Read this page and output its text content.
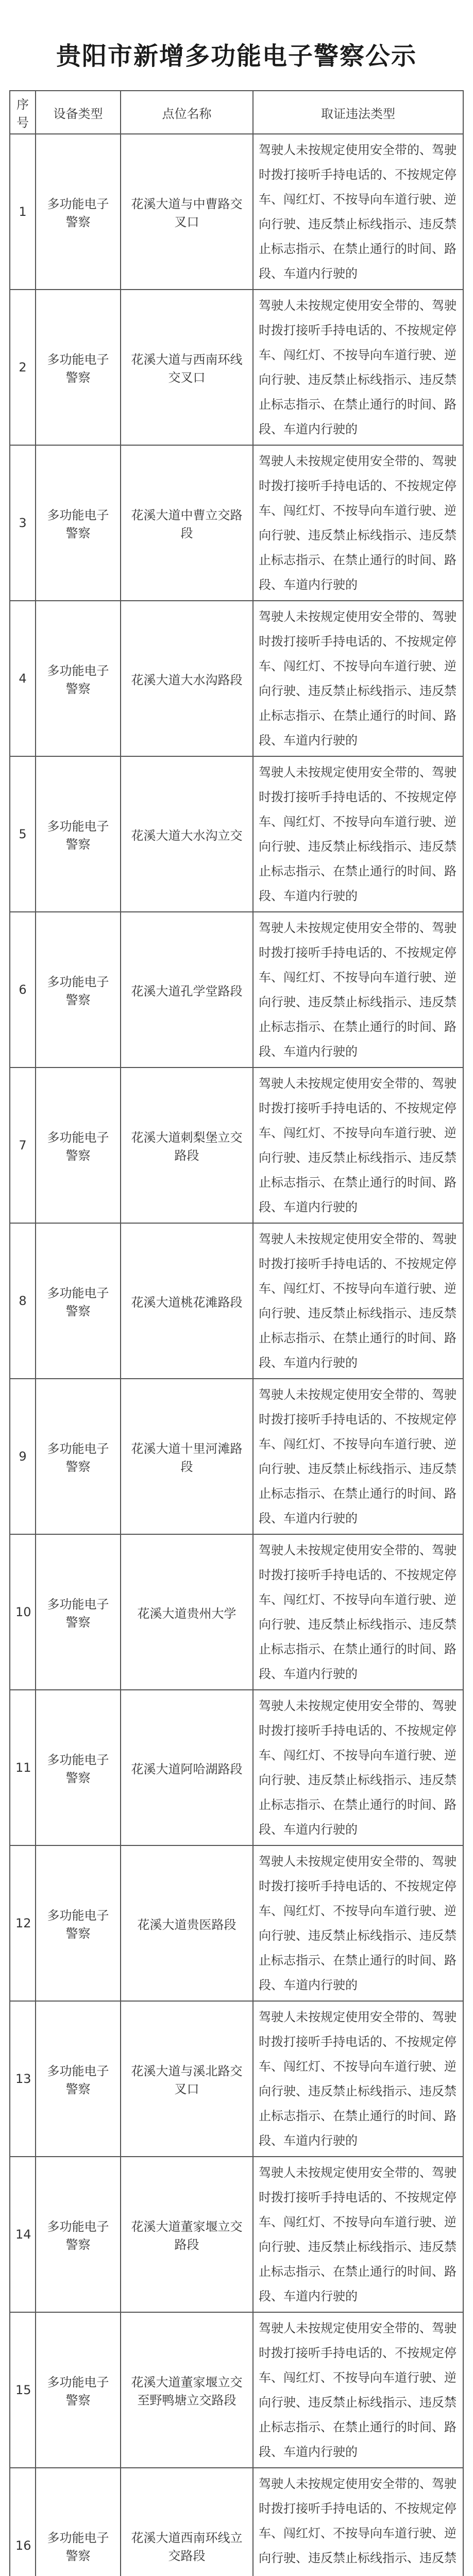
贵阳市新增多功能电子警察公示
序号	设备类型	点位名称	取证违法类型
1	多功能电子警察	花溪大道与中曹路交叉口	驾驶人未按规定使用安全带的、驾驶时拨打接听手持电话的、不按规定停车、闯红灯、不按导向车道行驶、逆向行驶、违反禁止标线指示、违反禁止标志指示、在禁止通行的时间、路段、车道内行驶的
2	多功能电子警察	花溪大道与西南环线交叉口	驾驶人未按规定使用安全带的、驾驶时拨打接听手持电话的、不按规定停车、闯红灯、不按导向车道行驶、逆向行驶、违反禁止标线指示、违反禁止标志指示、在禁止通行的时间、路段、车道内行驶的
3	多功能电子警察	花溪大道中曹立交路段	驾驶人未按规定使用安全带的、驾驶时拨打接听手持电话的、不按规定停车、闯红灯、不按导向车道行驶、逆向行驶、违反禁止标线指示、违反禁止标志指示、在禁止通行的时间、路段、车道内行驶的
4	多功能电子警察	花溪大道大水沟路段	驾驶人未按规定使用安全带的、驾驶时拨打接听手持电话的、不按规定停车、闯红灯、不按导向车道行驶、逆向行驶、违反禁止标线指示、违反禁止标志指示、在禁止通行的时间、路段、车道内行驶的
5	多功能电子警察	花溪大道大水沟立交	驾驶人未按规定使用安全带的、驾驶时拨打接听手持电话的、不按规定停车、闯红灯、不按导向车道行驶、逆向行驶、违反禁止标线指示、违反禁止标志指示、在禁止通行的时间、路段、车道内行驶的
6	多功能电子警察	花溪大道孔学堂路段	驾驶人未按规定使用安全带的、驾驶时拨打接听手持电话的、不按规定停车、闯红灯、不按导向车道行驶、逆向行驶、违反禁止标线指示、违反禁止标志指示、在禁止通行的时间、路段、车道内行驶的
7	多功能电子警察	花溪大道刺梨堡立交路段	驾驶人未按规定使用安全带的、驾驶时拨打接听手持电话的、不按规定停车、闯红灯、不按导向车道行驶、逆向行驶、违反禁止标线指示、违反禁止标志指示、在禁止通行的时间、路段、车道内行驶的
8	多功能电子警察	花溪大道桃花滩路段	驾驶人未按规定使用安全带的、驾驶时拨打接听手持电话的、不按规定停车、闯红灯、不按导向车道行驶、逆向行驶、违反禁止标线指示、违反禁止标志指示、在禁止通行的时间、路段、车道内行驶的
9	多功能电子警察	花溪大道十里河滩路段	驾驶人未按规定使用安全带的、驾驶时拨打接听手持电话的、不按规定停车、闯红灯、不按导向车道行驶、逆向行驶、违反禁止标线指示、违反禁止标志指示、在禁止通行的时间、路段、车道内行驶的
10	多功能电子警察	花溪大道贵州大学	驾驶人未按规定使用安全带的、驾驶时拨打接听手持电话的、不按规定停车、闯红灯、不按导向车道行驶、逆向行驶、违反禁止标线指示、违反禁止标志指示、在禁止通行的时间、路段、车道内行驶的
11	多功能电子警察	花溪大道阿哈湖路段	驾驶人未按规定使用安全带的、驾驶时拨打接听手持电话的、不按规定停车、闯红灯、不按导向车道行驶、逆向行驶、违反禁止标线指示、违反禁止标志指示、在禁止通行的时间、路段、车道内行驶的
12	多功能电子警察	花溪大道贵医路段	驾驶人未按规定使用安全带的、驾驶时拨打接听手持电话的、不按规定停车、闯红灯、不按导向车道行驶、逆向行驶、违反禁止标线指示、违反禁止标志指示、在禁止通行的时间、路段、车道内行驶的
13	多功能电子警察	花溪大道与溪北路交叉口	驾驶人未按规定使用安全带的、驾驶时拨打接听手持电话的、不按规定停车、闯红灯、不按导向车道行驶、逆向行驶、违反禁止标线指示、违反禁止标志指示、在禁止通行的时间、路段、车道内行驶的
14	多功能电子警察	花溪大道董家堰立交路段	驾驶人未按规定使用安全带的、驾驶时拨打接听手持电话的、不按规定停车、闯红灯、不按导向车道行驶、逆向行驶、违反禁止标线指示、违反禁止标志指示、在禁止通行的时间、路段、车道内行驶的
15	多功能电子警察	花溪大道董家堰立交至野鸭塘立交路段	驾驶人未按规定使用安全带的、驾驶时拨打接听手持电话的、不按规定停车、闯红灯、不按导向车道行驶、逆向行驶、违反禁止标线指示、违反禁止标志指示、在禁止通行的时间、路段、车道内行驶的
16	多功能电子警察	花溪大道西南环线立交路段	驾驶人未按规定使用安全带的、驾驶时拨打接听手持电话的、不按规定停车、闯红灯、不按导向车道行驶、逆向行驶、违反禁止标线指示、违反禁
